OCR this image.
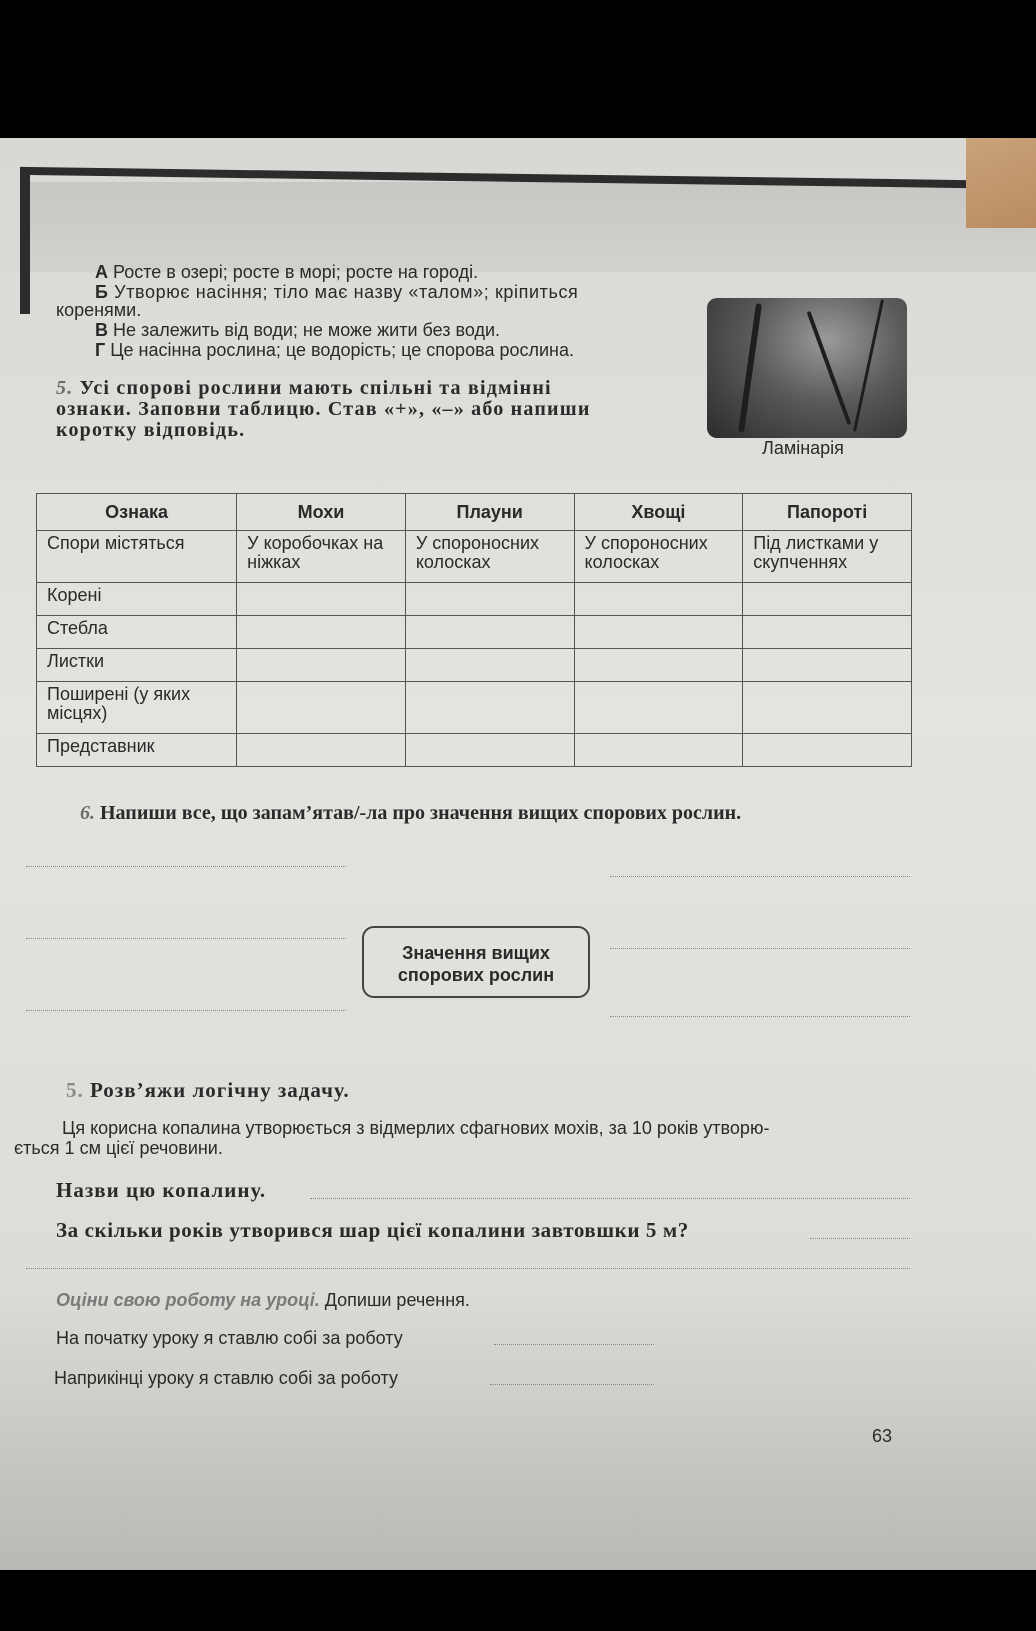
А Росте в озері; росте в морі; росте на городі.
Б Утворює насіння; тіло має назву «талом»; кріпиться
коренями.
В Не залежить від води; не може жити без води.
Г Це насінна рослина; це водорість; це спорова рослина.
5. Усі спорові рослини мають спільні та відмінні
ознаки. Заповни таблицю. Став «+», «–» або напиши
коротку відповідь.
Ламінарія
Ознака	Мохи	Плауни	Хвощі	Папороті
Спори містяться	У коробочках на ніжках	У спороносних колосках	У спороносних колосках	Під листками у скупченнях
Корені				
Стебла				
Листки				
Поширені (у яких місцях)				
Представник				
6. Напиши все, що запам’ятав/-ла про значення вищих спорових рослин.
Значення вищих
спорових рослин
5. Розв’яжи логічну задачу.
Ця корисна копалина утворюється з відмерлих сфагнових мохів, за 10 років утворю-
ється 1 см цієї речовини.
Назви цю копалину.
За скільки років утворився шар цієї копалини завтовшки 5 м?
Оціни свою роботу на уроці. Допиши речення.
На початку уроку я ставлю собі за роботу
Наприкінці уроку я ставлю собі за роботу
63
